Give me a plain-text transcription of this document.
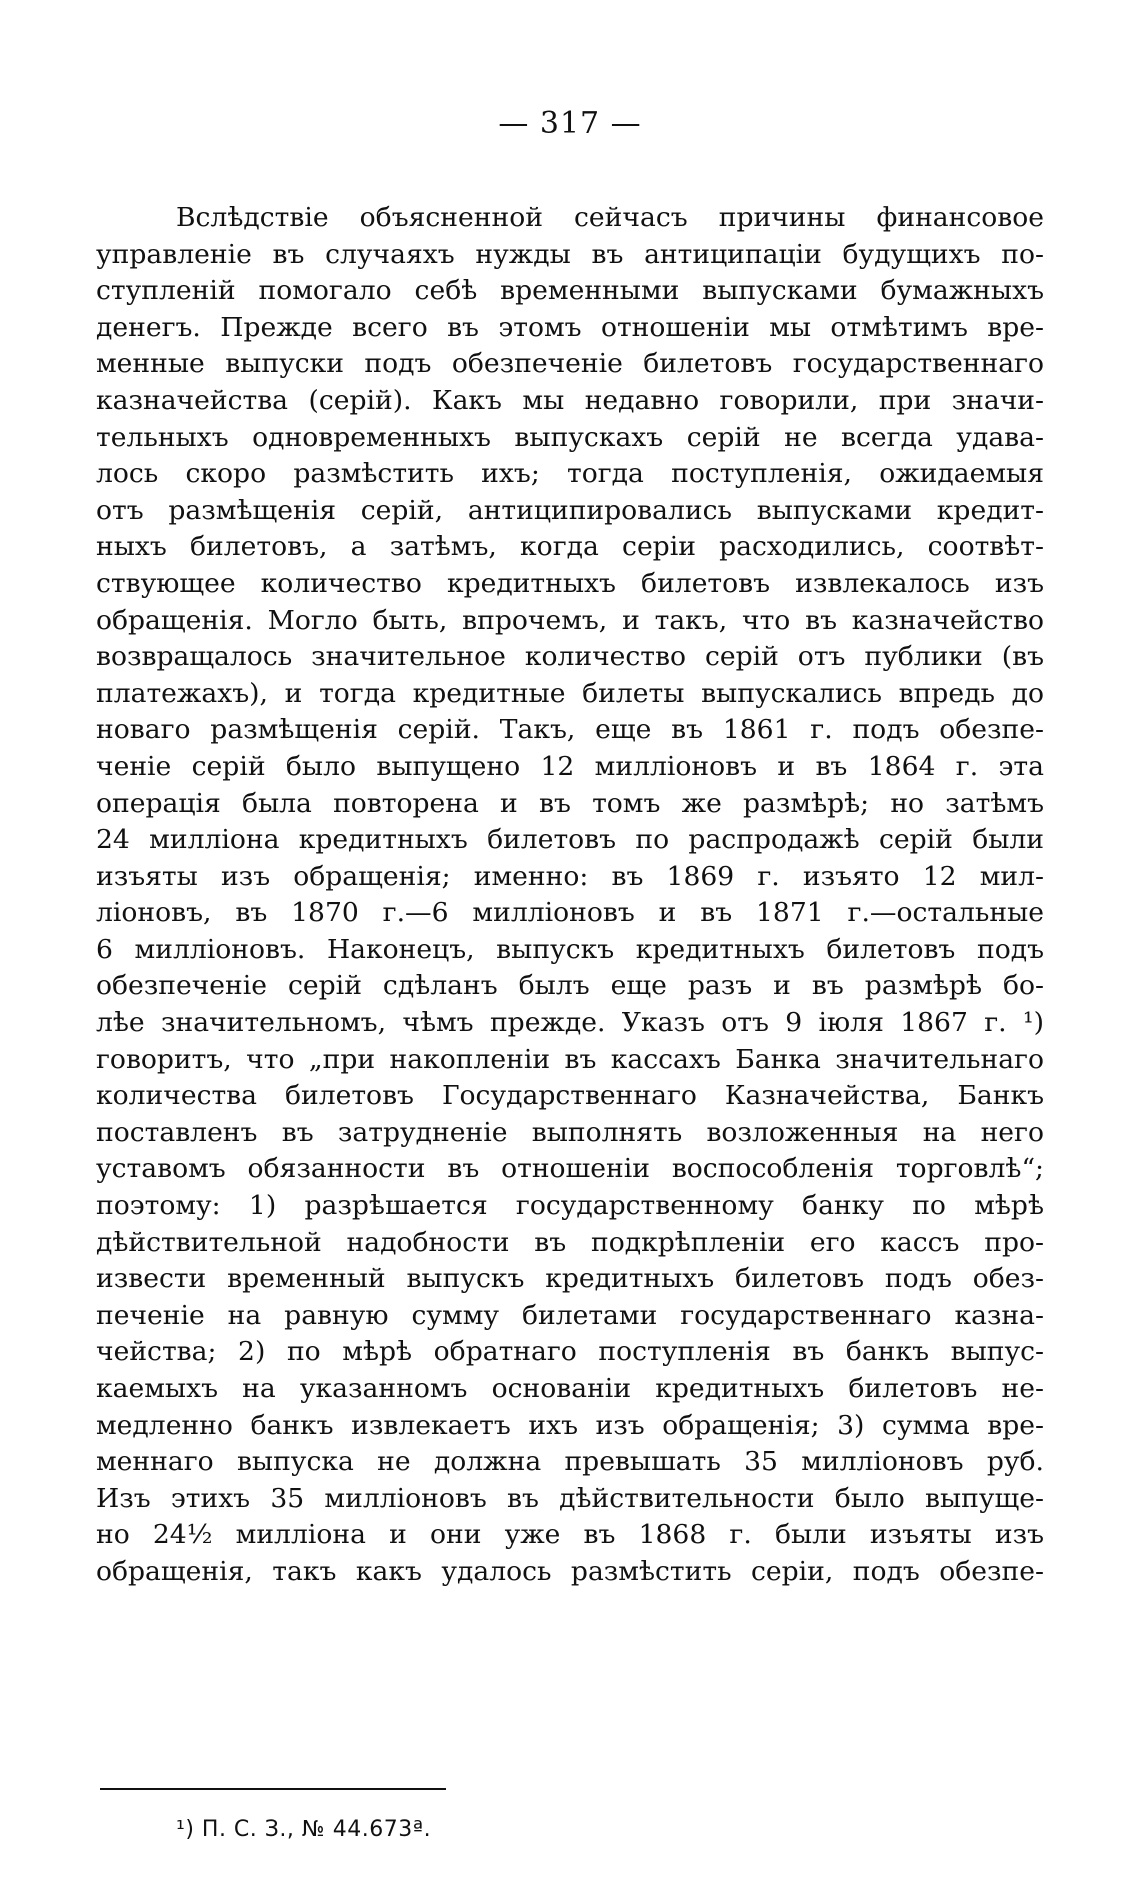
— 317 —
Вслѣдствіе объясненной сейчасъ причины финансовое
управленіе въ случаяхъ нужды въ антиципаціи будущихъ по-
ступленій помогало себѣ временными выпусками бумажныхъ
денегъ. Прежде всего въ этомъ отношеніи мы отмѣтимъ вре-
менные выпуски подъ обезпеченіе билетовъ государственнаго
казначейства (серій). Какъ мы недавно говорили, при значи-
тельныхъ одновременныхъ выпускахъ серій не всегда удава-
лось скоро размѣстить ихъ; тогда поступленія, ожидаемыя
отъ размѣщенія серій, антиципировались выпусками кредит-
ныхъ билетовъ, а затѣмъ, когда серіи расходились, соотвѣт-
ствующее количество кредитныхъ билетовъ извлекалось изъ
обращенія. Могло быть, впрочемъ, и такъ, что въ казначейство
возвращалось значительное количество серій отъ публики (въ
платежахъ), и тогда кредитные билеты выпускались впредь до
новаго размѣщенія серій. Такъ, еще въ 1861 г. подъ обезпе-
ченіе серій было выпущено 12 милліоновъ и въ 1864 г. эта
операція была повторена и въ томъ же размѣрѣ; но затѣмъ
24 милліона кредитныхъ билетовъ по распродажѣ серій были
изъяты изъ обращенія; именно: въ 1869 г. изъято 12 мил-
ліоновъ, въ 1870 г.—6 милліоновъ и въ 1871 г.—остальные
6 милліоновъ. Наконецъ, выпускъ кредитныхъ билетовъ подъ
обезпеченіе серій сдѣланъ былъ еще разъ и въ размѣрѣ бо-
лѣе значительномъ, чѣмъ прежде. Указъ отъ 9 іюля 1867 г. ¹)
говоритъ, что „при накопленіи въ кассахъ Банка значительнаго
количества билетовъ Государственнаго Казначейства, Банкъ
поставленъ въ затрудненіе выполнять возложенныя на него
уставомъ обязанности въ отношеніи воспособленія торговлѣ“;
поэтому: 1) разрѣшается государственному банку по мѣрѣ
дѣйствительной надобности въ подкрѣпленіи его кассъ про-
извести временный выпускъ кредитныхъ билетовъ подъ обез-
печеніе на равную сумму билетами государственнаго казна-
чейства; 2) по мѣрѣ обратнаго поступленія въ банкъ выпус-
каемыхъ на указанномъ основаніи кредитныхъ билетовъ не-
медленно банкъ извлекаетъ ихъ изъ обращенія; 3) сумма вре-
меннаго выпуска не должна превышать 35 милліоновъ руб.
Изъ этихъ 35 милліоновъ въ дѣйствительности было выпуще-
но 24½ милліона и они уже въ 1868 г. были изъяты изъ
обращенія, такъ какъ удалось размѣстить серіи, подъ обезпе-
¹) П. С. З., № 44.673ª.
